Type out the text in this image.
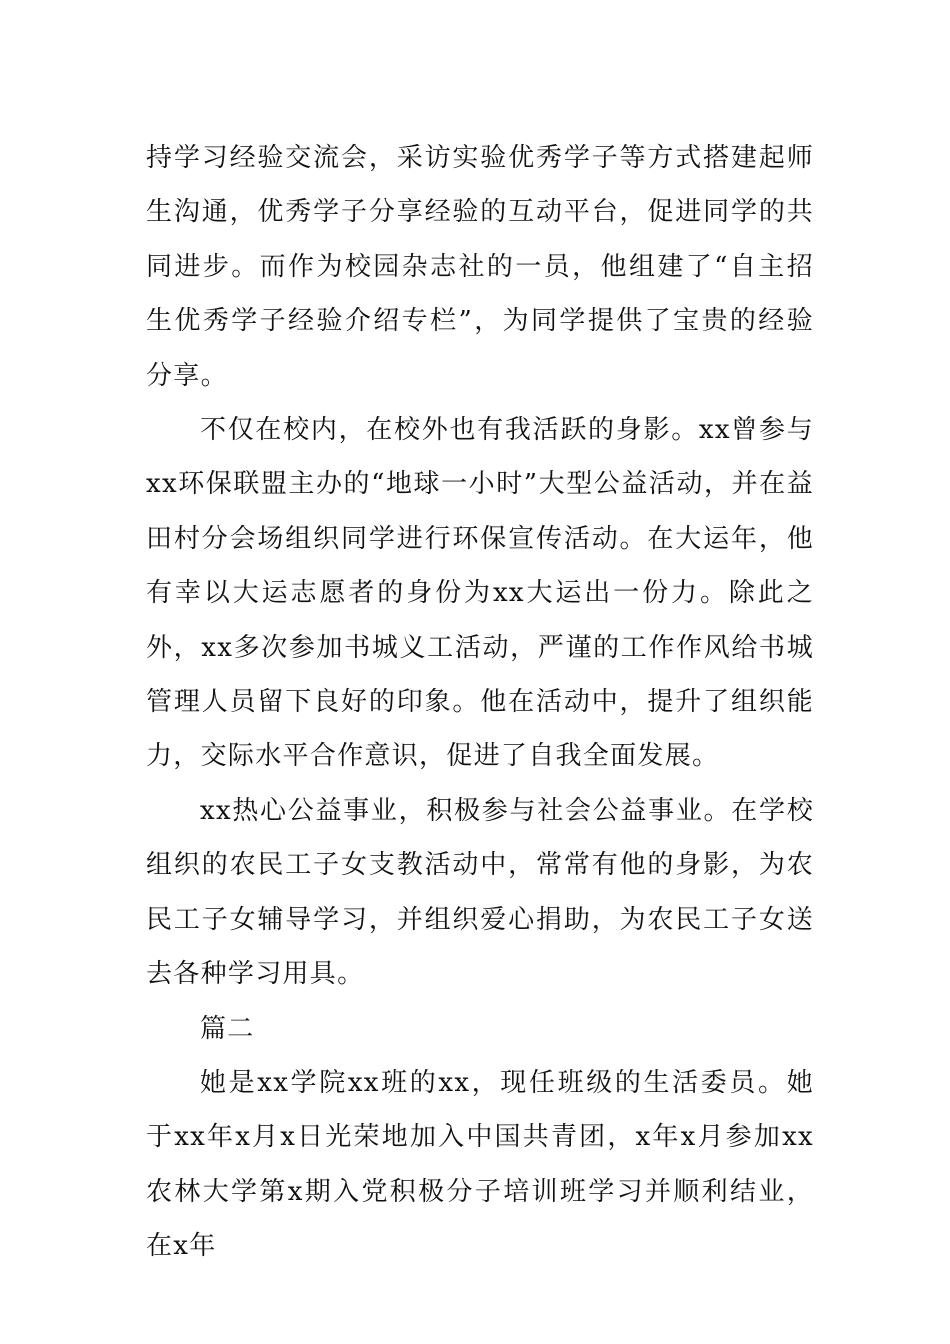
持学习经验交流会，采访实验优秀学子等方式搭建起师生沟通，优秀学子分享经验的互动平台，促进同学的共同进步。而作为校园杂志社的一员，他组建了“自主招生优秀学子经验介绍专栏”，为同学提供了宝贵的经验分享。

不仅在校内，在校外也有我活跃的身影。xx曾参与xx环保联盟主办的“地球一小时”大型公益活动，并在益田村分会场组织同学进行环保宣传活动。在大运年，他有幸以大运志愿者的身份为xx大运出一份力。除此之外，xx多次参加书城义工活动，严谨的工作作风给书城管理人员留下良好的印象。他在活动中，提升了组织能力，交际水平合作意识，促进了自我全面发展。

xx热心公益事业，积极参与社会公益事业。在学校组织的农民工子女支教活动中，常常有他的身影，为农民工子女辅导学习，并组织爱心捐助，为农民工子女送去各种学习用具。

篇二

她是xx学院xx班的xx，现任班级的生活委员。她于xx年x月x日光荣地加入中国共青团，x年x月参加xx农林大学第x期入党积极分子培训班学习并顺利结业，在x年
